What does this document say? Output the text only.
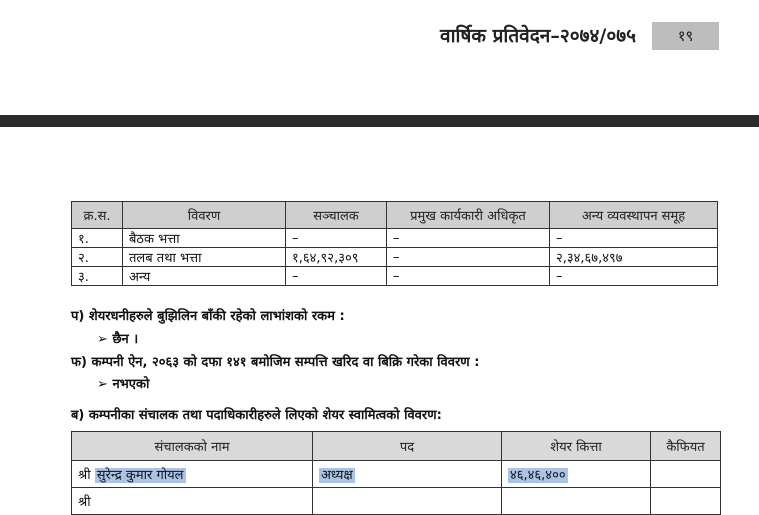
वार्षिक प्रतिवेदन–२०७४/०७५	१९
क्र.स.	विवरण	सञ्चालक	प्रमुख कार्यकारी अधिकृत	अन्य व्यवस्थापन समूह
१.	बैठक भत्ता	–	–	–
२.	तलब तथा भत्ता	१,६४,९२,३०९	–	२,३४,६७,४९७
३.	अन्य	–	–	–
प) शेयरधनीहरुले बुझिलिन बाँकी रहेको लाभांशको रकम :
➢ छैन ।
फ) कम्पनी ऐन, २०६३ को दफा १४१ बमोजिम सम्पत्ति खरिद वा बिक्रि गरेका विवरण :
➢ नभएको
ब) कम्पनीका संचालक तथा पदाधिकारीहरुले लिएको शेयर स्वामित्वको विवरण:
संचालकको नाम	पद	शेयर कित्ता	कैफियत
श्री सुरेन्द्र कुमार गोयल	अध्यक्ष	४६,४६,४००	
श्री			
